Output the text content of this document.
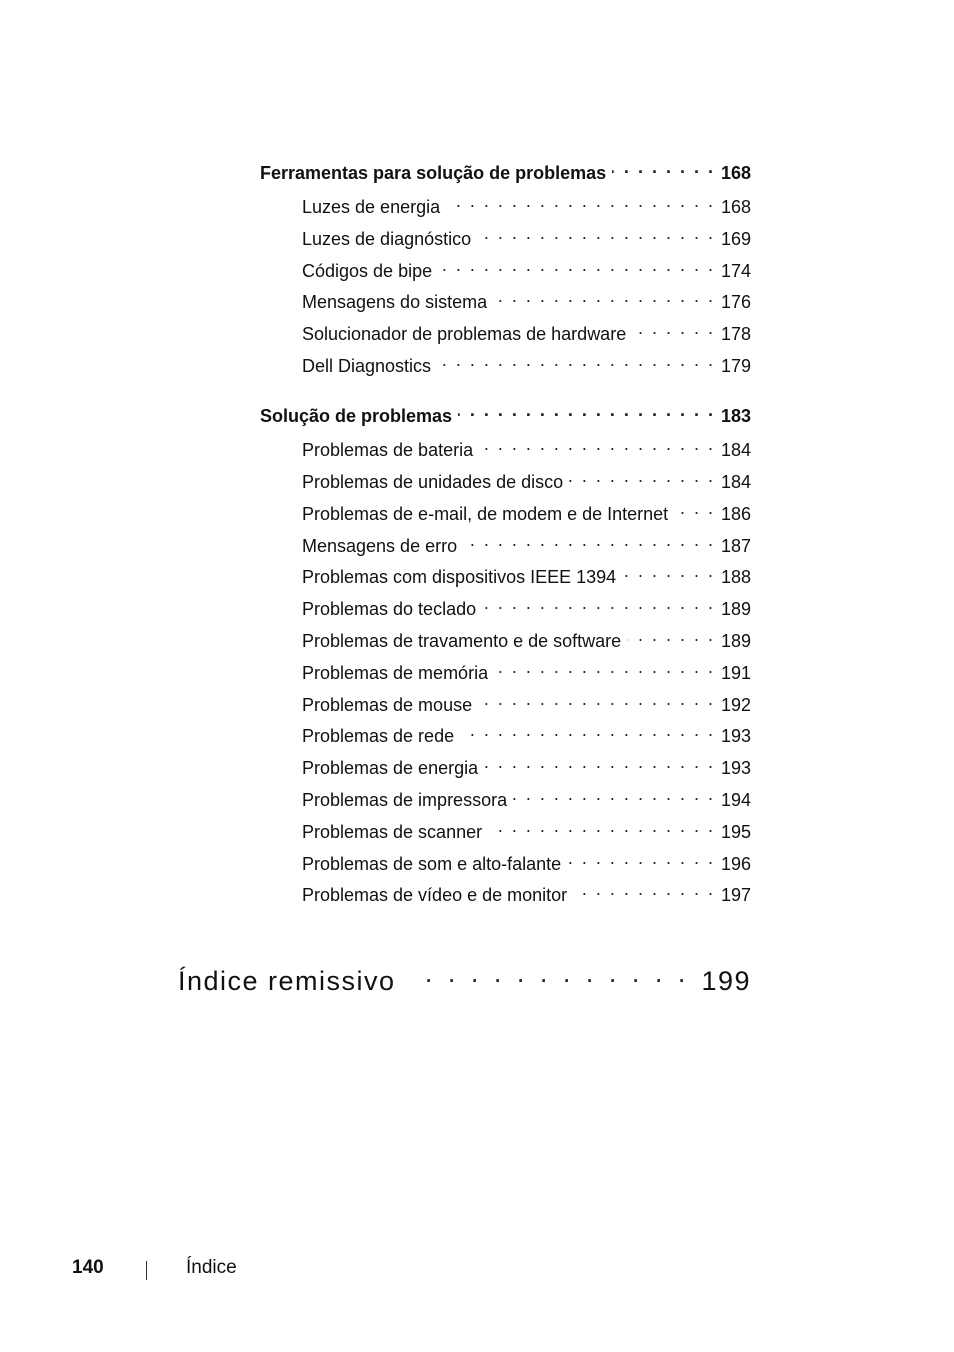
Ferramentas para solução de problemas . . .	168
Luzes de energia . . .	168
Luzes de diagnóstico . . .	169
Códigos de bipe . . .	174
Mensagens do sistema . . .	176
Solucionador de problemas de hardware . . .	178
Dell Diagnostics . . .	179
Solução de problemas . . .	183
Problemas de bateria . . .	184
Problemas de unidades de disco . . .	184
Problemas de e-mail, de modem e de Internet . . .	186
Mensagens de erro . . .	187
Problemas com dispositivos IEEE 1394 . . .	188
Problemas do teclado . . .	189
Problemas de travamento e de software . . .	189
Problemas de memória . . .	191
Problemas de mouse . . .	192
Problemas de rede . . .	193
Problemas de energia . . .	193
Problemas de impressora . . .	194
Problemas de scanner . . .	195
Problemas de som e alto-falante . . .	196
Problemas de vídeo e de monitor . . .	197
Índice remissivo . . .	199
140	Índice
